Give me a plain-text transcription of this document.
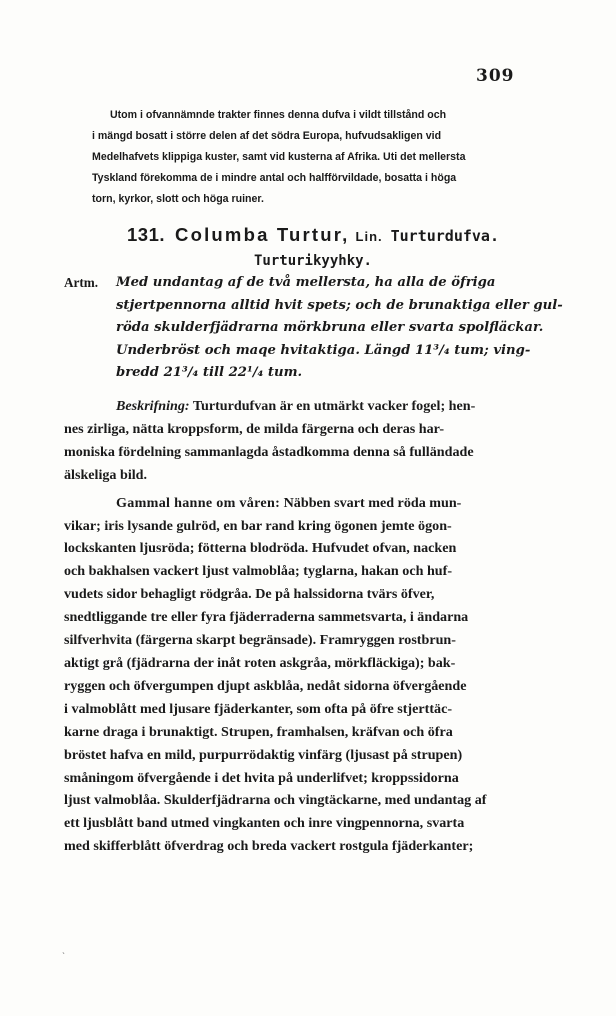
309
Utom i ofvannämnde trakter finnes denna dufva i vildt tillstånd och
i mängd bosatt i större delen af det södra Europa, hufvudsakligen vid
Medelhafvets klippiga kuster, samt vid kusterna af Afrika. Uti det mellersta
Tyskland förekomma de i mindre antal och halfförvildade, bosatta i höga
torn, kyrkor, slott och höga ruiner.
131. Columba Turtur, Lin. Turturdufva.
Turturikyyhky.
Artm. Med undantag af de två mellersta, ha alla de öfriga
stjertpennorna alltid hvit spets; och de brunaktiga eller gul-
röda skulderfjädrarna mörkbruna eller svarta spolfläckar.
Underbröst och maqe hvitaktiga. Längd 11³/₄ tum; ving-
bredd 21³/₄ till 22¹/₄ tum.
Beskrifning: Turturdufvan är en utmärkt vacker fogel; hen-
nes zirliga, nätta kroppsform, de milda färgerna och deras har-
moniska fördelning sammanlagda åstadkomma denna så fulländade
älskeliga bild.
Gammal hanne om våren: Näbben svart med röda mun-
vikar; iris lysande gulröd, en bar rand kring ögonen jemte ögon-
lockskanten ljusröda; fötterna blodröda. Hufvudet ofvan, nacken
och bakhalsen vackert ljust valmoblåa; tyglarna, hakan och huf-
vudets sidor behagligt rödgråa. De på halssidorna tvärs öfver,
snedtliggande tre eller fyra fjäderraderna sammetsvarta, i ändarna
silfverhvita (färgerna skarpt begränsade). Framryggen rostbrun-
aktigt grå (fjädrarna der inåt roten askgråa, mörkfläckiga); bak-
ryggen och öfvergumpen djupt askblåa, nedåt sidorna öfvergående
i valmoblått med ljusare fjäderkanter, som ofta på öfre stjerttäc-
karne draga i brunaktigt. Strupen, framhalsen, kräfvan och öfra
bröstet hafva en mild, purpurrödaktig vinfärg (ljusast på strupen)
småningom öfvergående i det hvita på underlifvet; kroppssidorna
ljust valmoblåa. Skulderfjädrarna och vingtäckarne, med undantag af
ett ljusblått band utmed vingkanten och inre vingpennorna, svarta
med skifferblått öfverdrag och breda vackert rostgula fjäderkanter;
ˎ
